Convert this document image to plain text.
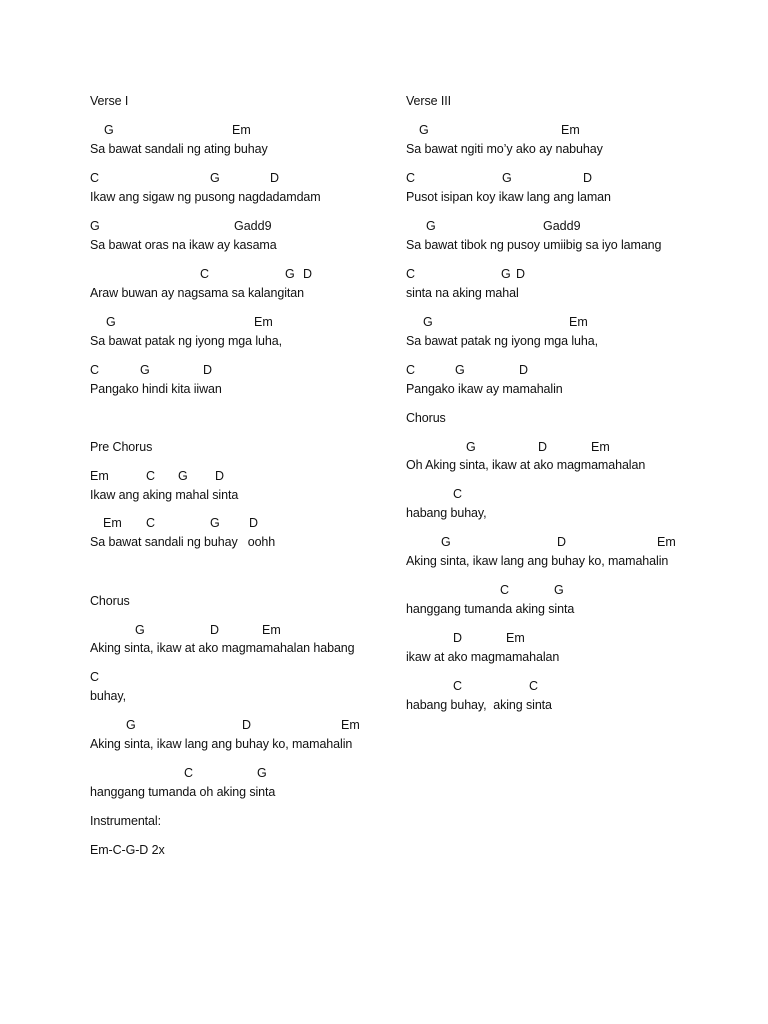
Verse I
G	Em
Sa bawat sandali ng ating buhay
C	G	D
Ikaw ang sigaw ng pusong nagdadamdam
G	Gadd9
Sa bawat oras na ikaw ay kasama
C	G D
Araw buwan ay nagsama sa kalangitan
G	Em
Sa bawat patak ng iyong mga luha,
C	G	D
Pangako hindi kita iiwan
Pre Chorus
Em	C G D
Ikaw ang aking mahal sinta
Em C	G D
Sa bawat sandali ng buhay   oohh
Chorus
G	D	Em
Aking sinta, ikaw at ako magmamahalan habang
C
buhay,
G	D	Em
Aking sinta, ikaw lang ang buhay ko, mamahalin
C	G
hanggang tumanda oh aking sinta
Instrumental:
Em-C-G-D 2x
Verse III
G	Em
Sa bawat ngiti mo’y ako ay nabuhay
C	G	D
Pusot isipan koy ikaw lang ang laman
G	Gadd9
Sa bawat tibok ng pusoy umiibig sa iyo lamang
C	G D
sinta na aking mahal
G	Em
Sa bawat patak ng iyong mga luha,
C	G	D
Pangako ikaw ay mamahalin
Chorus
G	D	Em
Oh Aking sinta, ikaw at ako magmamahalan
C
habang buhay,
G	D	Em
Aking sinta, ikaw lang ang buhay ko, mamahalin
C	G
hanggang tumanda aking sinta
D	Em
ikaw at ako magmamahalan
C	C
habang buhay,  aking sinta
